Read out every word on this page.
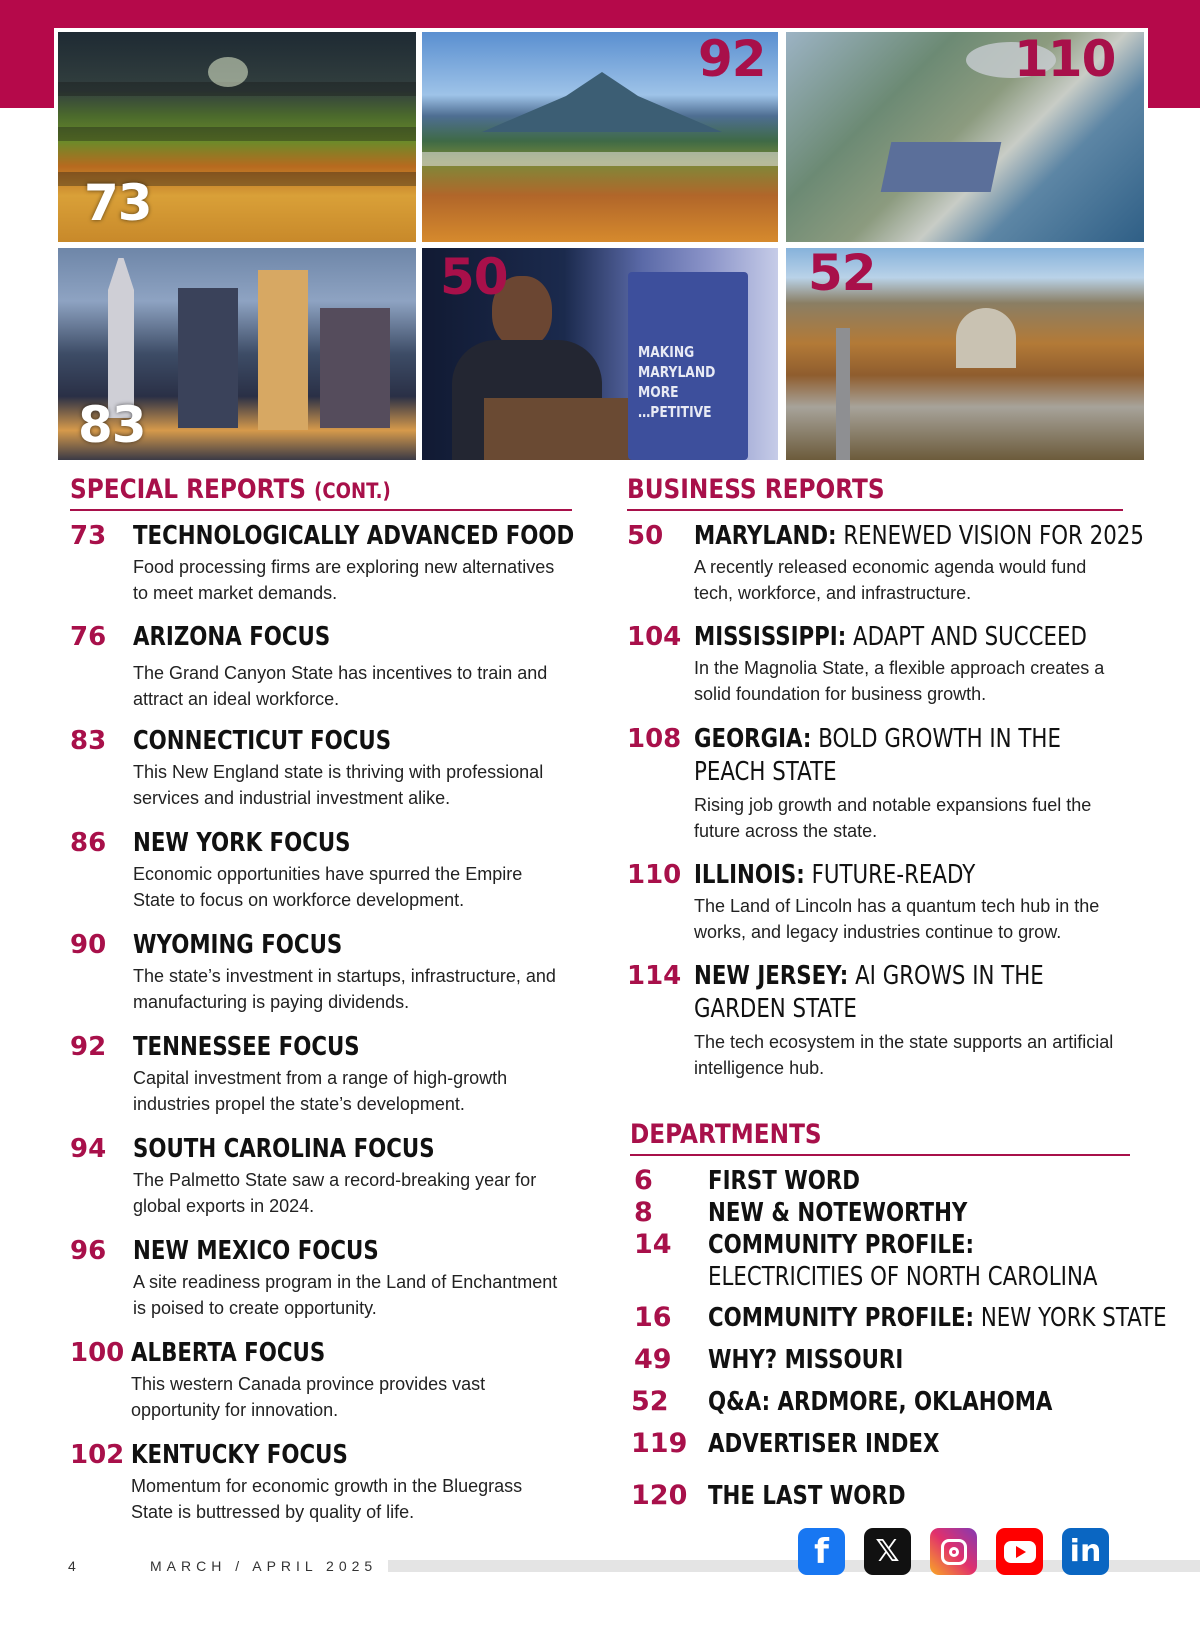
73
92	110
83
MAKING
MARYLAND
MORE
…PETITIVE
50	52
SPECIAL REPORTS (CONT.)
73 TECHNOLOGICALLY ADVANCED FOOD
Food processing firms are exploring new alternatives
to meet market demands.
76 ARIZONA FOCUS
The Grand Canyon State has incentives to train and
attract an ideal workforce.
83 CONNECTICUT FOCUS
This New England state is thriving with professional
services and industrial investment alike.
86 NEW YORK FOCUS
Economic opportunities have spurred the Empire
State to focus on workforce development.
90 WYOMING FOCUS
The state’s investment in startups, infrastructure, and
manufacturing is paying dividends.
92 TENNESSEE FOCUS
Capital investment from a range of high-growth
industries propel the state’s development.
94 SOUTH CAROLINA FOCUS
The Palmetto State saw a record-breaking year for
global exports in 2024.
96 NEW MEXICO FOCUS
A site readiness program in the Land of Enchantment
is poised to create opportunity.
100 ALBERTA FOCUS
This western Canada province provides vast
opportunity for innovation.
102 KENTUCKY FOCUS
Momentum for economic growth in the Bluegrass
State is buttressed by quality of life.
BUSINESS REPORTS
50 MARYLAND: RENEWED VISION FOR 2025
A recently released economic agenda would fund
tech, workforce, and infrastructure.
104 MISSISSIPPI: ADAPT AND SUCCEED
In the Magnolia State, a flexible approach creates a
solid foundation for business growth.
108 GEORGIA: BOLD GROWTH IN THE
PEACH STATE
Rising job growth and notable expansions fuel the
future across the state.
110 ILLINOIS: FUTURE-READY
The Land of Lincoln has a quantum tech hub in the
works, and legacy industries continue to grow.
114 NEW JERSEY: AI GROWS IN THE
GARDEN STATE
The tech ecosystem in the state supports an artificial
intelligence hub.
DEPARTMENTS
6 FIRST WORD
8 NEW & NOTEWORTHY
14 COMMUNITY PROFILE:
ELECTRICITIES OF NORTH CAROLINA
16 COMMUNITY PROFILE: NEW YORK STATE
49 WHY? MISSOURI
52 Q&A: ARDMORE, OKLAHOMA
119 ADVERTISER INDEX
120 THE LAST WORD
4	MARCH / APRIL 2025	f	𝕏	in
